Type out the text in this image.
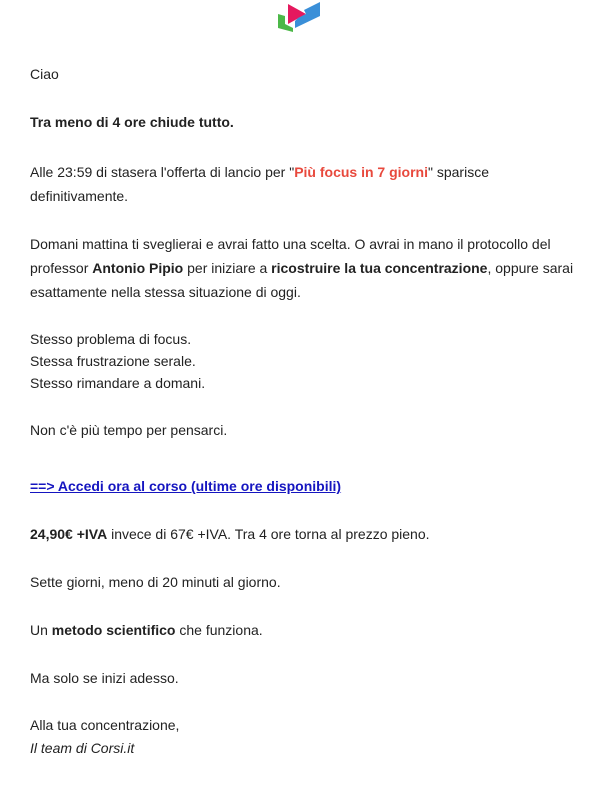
Ciao

Tra meno di 4 ore chiude tutto.

Alle 23:59 di stasera l'offerta di lancio per "Più focus in 7 giorni" sparisce definitivamente.

Domani mattina ti sveglierai e avrai fatto una scelta. O avrai in mano il protocollo del professor Antonio Pipio per iniziare a ricostruire la tua concentrazione, oppure sarai esattamente nella stessa situazione di oggi.

Stesso problema di focus.
Stessa frustrazione serale.
Stesso rimandare a domani.

Non c'è più tempo per pensarci.

==> Accedi ora al corso (ultime ore disponibili)

24,90€ +IVA invece di 67€ +IVA. Tra 4 ore torna al prezzo pieno.

Sette giorni, meno di 20 minuti al giorno.

Un metodo scientifico che funziona.

Ma solo se inizi adesso.

Alla tua concentrazione,
Il team di Corsi.it
